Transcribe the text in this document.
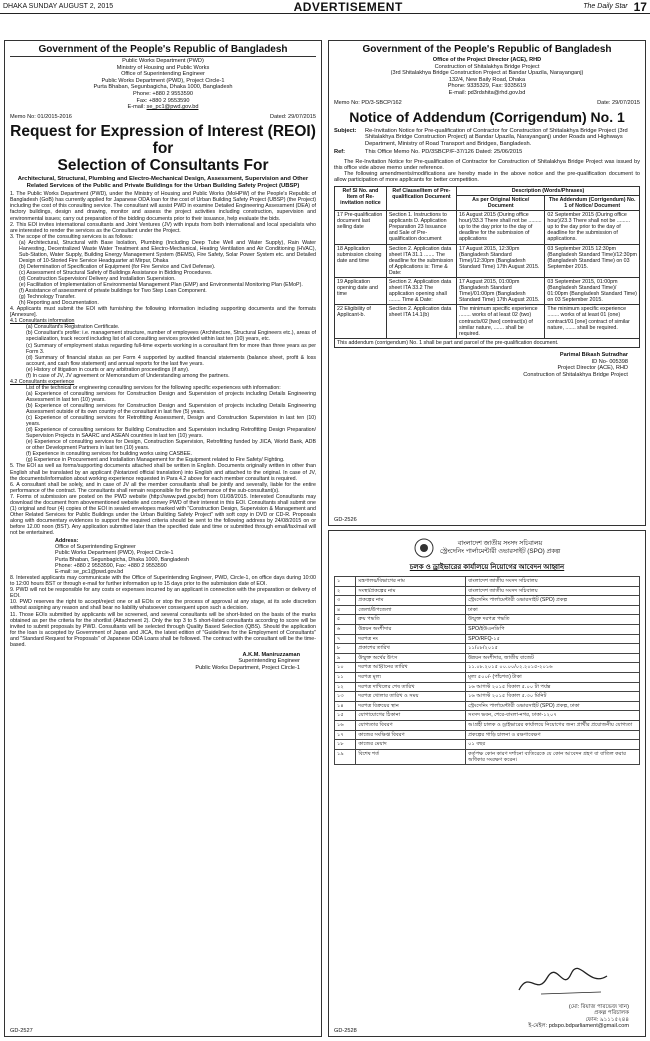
DHAKA SUNDAY AUGUST 2, 2015	ADVERTISEMENT	The Daily Star 17
Government of the People's Republic of Bangladesh
Public Works Department (PWD)
Ministry of Housing and Public Works
Office of Superintending Engineer
Public Works Department (PWD), Project Circle-1
Purta Bhaban, Segunbagicha, Dhaka 1000, Bangladesh
Phone: +880 2 9553590
Fax: +880 2 9553590
E-mail: se_pc1@pwd.gov.bd
Memo No: 01/2015-2016	Dated: 29/07/2015
Request for Expression of Interest (REOI)
for
Selection of Consultants For
Architectural, Structural, Plumbing and Electro-Mechanical Design, Assessment, Supervision and Other Related Services of the Public and Private Buildings for the Urban Building Safety Project (UBSP)

1. The Public Works Department (PWD), under the Ministry of Housing and Public Works (MoHPW) of the People's Republic of Bangladesh (GoB) has currently applied for Japanese ODA loan for the cost of Urban Building Safety Project (UBSP) (the Project) including the cost of this consulting service. The consultant will assist PWD in examine Detailed Engineering Assessment (DEA) of factory buildings, design and drawing, monitor and assess the project activities including construction, supervision and environmental issues; carry out preparation of the bidding documents prior to their issuance, help evaluate the bids.

2. This EOI invites international consultants and Joint Ventures (JV) with inputs from both international and local specialists who are interested to render the services as the Consultant under the Project.

3. The scope of the consulting services is as follows:

(a) Architectural, Structural with Base Isolation, Plumbing (Including Deep Tube Well and Water Supply), Rain Water Harvesting, Decentralized Waste Water Treatment and Electro-Mechanical, Heating Ventilation and Air Conditioning (HVAC), Sub-Station, Water Supply, Building Energy Management System (BEMS), Fire Safety, Solar Power System etc. and Detailed Design of 10-Storied Fire Service Headquarter at Mirpur, Dhaka

(b) Determination of Specification of Equipment (for Fire Service and Civil Defense).

(c) Assessment of Structural Safety of Buildings Assistance in Bidding Procedures.

(d) Construction Supervision/ Delivery and Installation Supervision.

(e) Facilitation of Implementation of Environmental Management Plan (EMP) and Environmental Monitoring Plan (EMoP).

(f) Assistance of assessment of private buildings for Two Step Loan Component.

(g) Technology Transfer.

(h) Reporting and Documentation.

4. Applicants must submit the EOI with furnishing the following information including supporting documents and the formats [Annexure].

4.1 Consultants information

(a) Consultant's Registration Certificate.

(b) Consultant's profile: i.e. management structure, number of employees (Architecture, Structural Engineers etc.), areas of specialization, track record including list of all consulting services provided within last ten (10) years, etc.

(c) Summary of employment status regarding full-time experts working in a consultant firm for more than three years as per Form 3.

(d) Summary of financial status as per Form 4 supported by audited financial statements (balance sheet, profit & loss account, and cash flow statement) and annual reports for the last five years.

(e) History of litigation in courts or any arbitration proceedings (if any).

(f) In case of JV, JV agreement or Memorandum of Understanding among the partners.

4.2 Consultants experience

List of the technical or engineering consulting services for the following specific experiences with information:

(a) Experience of consulting services for Construction Design and Supervision of projects including Details Engineering Assessment in last ten (10) years.

(b) Experience of consulting services for Construction Design and Supervision of projects including Details Engineering Assessment outside of its own country of the consultant in last five (5) years.

(c) Experience of consulting services for Retrofitting Assessment, Design and Construction Supervision in last ten (10) years.

(d) Experience of consulting services for Building Construction and Supervision including Retrofitting Design Preparation/ Supervision Projects in SAARC and ASEAN countries in last ten (10) years.

(e) Experience of consulting services for Design, Construction Supervision, Retrofitting funded by JICA, World Bank, ADB or other Development Partners in last ten (10) years.

(f) Experience in consulting services for building works using CASBEE.

(g) Experience in Procurement and Installation Management for the Equipment related to Fire Safety/ Fighting.

5. The EOI as well as forms/supporting documents attached shall be written in English. Documents originally written in other than English shall be translated by an applicant (Notarized official translation) into English and attached to the original. In case of JV, the documents/information about working experience requested in Para 4.2 above for each member consultant is required.

6. A consultant shall be solely, and in case of JV all the member consultants shall be jointly and severally, liable for the entire performance of the contract. The consultants shall remain responsible for the performance of the sub-consultant(s).

7. Forms of submission are posted on the PWD website (http://www.pwd.gov.bd) from 01/08/2015. Interested Consultants may download the document from abovementioned website and convey PWD of their interest in this EOI. Consultants shall submit one (1) original and four (4) copies of the EOI in sealed envelopes marked with "Construction Design, Supervision & Management and Other Related Services for Public Buildings under the Urban Building Safety Project" with soft copy in DVD or CD-R. Proposals along with documentary evidences to support the required criteria should be sent to the following address by 24/08/2015 on or before 12.00 noon (BST). Any application submitted later than the specified date and time or submitted through email/fax/mail will not be entertained.

Address:
Office of Superintending Engineer
Public Works Department (PWD), Project Circle-1
Purta Bhaban, Segunbagicha, Dhaka 1000, Bangladesh
Phone: +880 2 9553590, Fax: +880 2 9553590
E-mail: se_pc1@pwd.gov.bd

8. Interested applicants may communicate with the Office of Superintending Engineer, PWD, Circle-1, on office days during 10:00 to 12:00 hours BST or through e-mail for further information up to 15 days prior to the submission date of EOI.

9. PWD will not be responsible for any costs or expenses incurred by an applicant in connection with the preparation or delivery of EOI.

10. PWD reserves the right to accept/reject one or all EOIs or stop the process of approval at any stage, at its sole discretion without assigning any reason and shall bear no liability whatsoever consequent upon such a decision.

11. Those EOIs submitted by applicants will be screened, and several consultants will be short-listed on the basis of the marks obtained as per the criteria for the shortlist (Attachment 2). Only the top 3 to 5 short-listed consultants according to score will be invited to submit proposals by PWD. Consultants will be selected through Quality Based Selection (QBS). Should the application for the loan is accepted by Government of Japan and JICA, the latest edition of "Guidelines for the Employment of Consultants" and "Standard Request for Proposals" of Japanese ODA Loans shall be followed. The contract with the consultant will be the time-based.

A.K.M. Maniruzzaman
Superintending Engineer
Public Works Department, Project Circle-1
GD-2527
Government of the People's Republic of Bangladesh
Office of the Project Director (ACE), RHD
Construction of Shitalakhya Bridge Project
(3rd Shitalakhya Bridge Construction Project at Bandar Upazila, Narayanganj)
132/4, New Baily Road, Dhaka
Phone: 9335329, Fax: 9335619
E-mail: pd3rdshita@rhd.gov.bd
Memo No: PD/3-SBCP/162	Date: 29/07/2015
Notice of Addendum (Corrigendum) No. 1
Subject:	Re-Invitation Notice for Pre-qualification of Contractor for Construction of Shitalakhya Bridge Project (3rd Shitalakhya Bridge Construction Project) at Bandar Upazila, Narayanganj) under Roads and Highways Department, Ministry of Road Transport and Bridges, Bangladesh.
Ref:	This Office Memo No. PD/3SBCP/F-37/126 Dated: 25/06/2015

The Re-Invitation Notice for Pre-qualification of Contractor for Construction of Shitalakhya Bridge Project was issued by this office vide above memo under reference.

The following amendments/modifications are hereby made in the above notice and the pre-qualification document to allow participation of more applicants for better competition.

Ref Sl No. and Item of Re-invitation notice	Ref Clause/Item of Pre-qualification Document	Description (Words/Phrases)	
		As per Original Notice/ Document	The Addendum (Corrigendum) No. 1 of Notice/ Document
17 Pre-qualification document last selling date	Section 1. Instructions to applicants D. Application Preparation 23 Issuance and Sale of Pre-qualification document	16 August 2015 (During office hour)/33.3 There shall not be ......... up to the day prior to the day of deadline for the submission of applications	02 September 2015 (During office hour)/23.3 There shall not be ......... up to the day prior to the day of deadline for the submission of applications.
18 Application submission closing date and time	Section 2. Application data sheet ITA 31.1 ....... The deadline for the submission of Applications is: Time & Date:	17 August 2015, 12:30pm (Bangladesh Standard Time)/12:30pm (Bangladesh Standard Time) 17th August 2015.	03 September 2015 12:30pm (Bangladesh Standard Time)/12:30pm (Bangladesh Standard Time) on 03 September 2015.
19 Application opening date and time	Section 2. Application data sheet ITA 33.2 The application opening shall ........ Time & Date:	17 August 2015, 01:00pm (Bangladesh Standard Time)/01:00pm (Bangladesh Standard Time) 17th August 2015.	03 September 2015, 01:00pm (Bangladesh Standard Time)/ 01:00pm (Bangladesh Standard Time) on 03 September 2015.
22 Eligibility of Applicant-b.	Section 2. Application data sheet ITA 14.1(b)	The minimum specific experience ........ works of at least 02 (two) contracts/02 [two] contract(s) of similar nature, ....... shall be required.	The minimum specific experience ........ works of at least 01 (one) contract/01 [one] contract of similar nature, ....... shall be required.
This addendum (corrigendum) No. 1 shall be part and parcel of the pre-qualification document.			
Parimal Bikash Sutradhar
ID No- 005398
Project Director (ACE), RHD
Construction of Shitalakhya Bridge Project
GD-2526
বাংলাদেশ জাতীয় সংসদ সচিবালয়
স্ট্রেংদেনিং পার্লামেন্টারী ওভারসাইট (SPO) প্রকল্প
চলক ও ড্রাইভারের কার্যালয়ে নিয়োগের আবেদন আহ্বান
১	মন্ত্রণালয়/বিভাগের নাম	বাংলাদেশ জাতীয় সংসদ সচিবালয়
২	সংস্থা/প্রকল্পের নাম	বাংলাদেশ জাতীয় সংসদ সচিবালয়
৩	প্রকল্পের নাম	স্ট্রেংদেনিং পার্লামেন্টারী ওভারসাইট (SPO) প্রকল্প
৪	জেলা/উপজেলা	ঢাকা
৫	ক্রয় পদ্ধতি	উন্মুক্ত দরপত্র পদ্ধতি
৬	উন্নয়ন অংশীদার	SPO/ইউএনডিপি
৭	দরপত্র নং	SPO/RFQ-১৫
৮	প্রকাশের তারিখ	১১/০৮/২০১৫
৯	উন্মুক্ত অর্থের উৎস	উন্নয়ন অংশীদার, জাতীয় বাজেট
১০	দরপত্র আহ্বানের তারিখ	১১.০৮.২০১৫ ০০.০০/০২.২০১৫-২০১৬
১১	দরপত্র মূল্য	মূল্য ৫০০/- (পাঁচশত) টাকা
১২	দরপত্র দাখিলের শেষ তারিখ	১৬ আগস্ট ২০১৫ বিকাল ৫.০০ টা পর্যন্ত
১৩	দরপত্র খোলার তারিখ ও সময়	১৬ আগস্ট ২০১৫ বিকাল ৫.৩০ মিনিট
১৪	দরপত্র বিক্রয়ের স্থান	স্ট্রেংদেনিং পার্লামেন্টারী ওভারসাইট (SPO) প্রকল্প, ঢাকা
১৫	যোগাযোগের ঠিকানা	সংসদ ভবন, শেরে-বাংলা-নগর, ঢাকা-১২০৭
১৬	যোগ্যতার বিবরণ	আগ্রহী চালক ও ড্রাইভারের কার্যালয়ে নিয়োগের জন্য প্রার্থীর প্রয়োজনীয় যোগ্যতা
১৭	কাজের সংক্ষিপ্ত বিবরণ	প্রকল্পের গাড়ি চালনা ও রক্ষণাবেক্ষণ
১৮	কাজের মেয়াদ	০১ বছর
১৯	বিশেষ শর্ত	কর্তৃপক্ষ কোন কারণ দর্শানো ব্যতিরেকে যে কোন আবেদন গ্রহণ বা বাতিল করার অধিকার সংরক্ষণ করেন।
(মো: রিয়াজ পারভেজ খান)
প্রকল্প পরিচালক
ফোন: ৯১১১৫২৪৪
ই-মেইল: pdspo.bdparliament@gmail.com
GD-2528
